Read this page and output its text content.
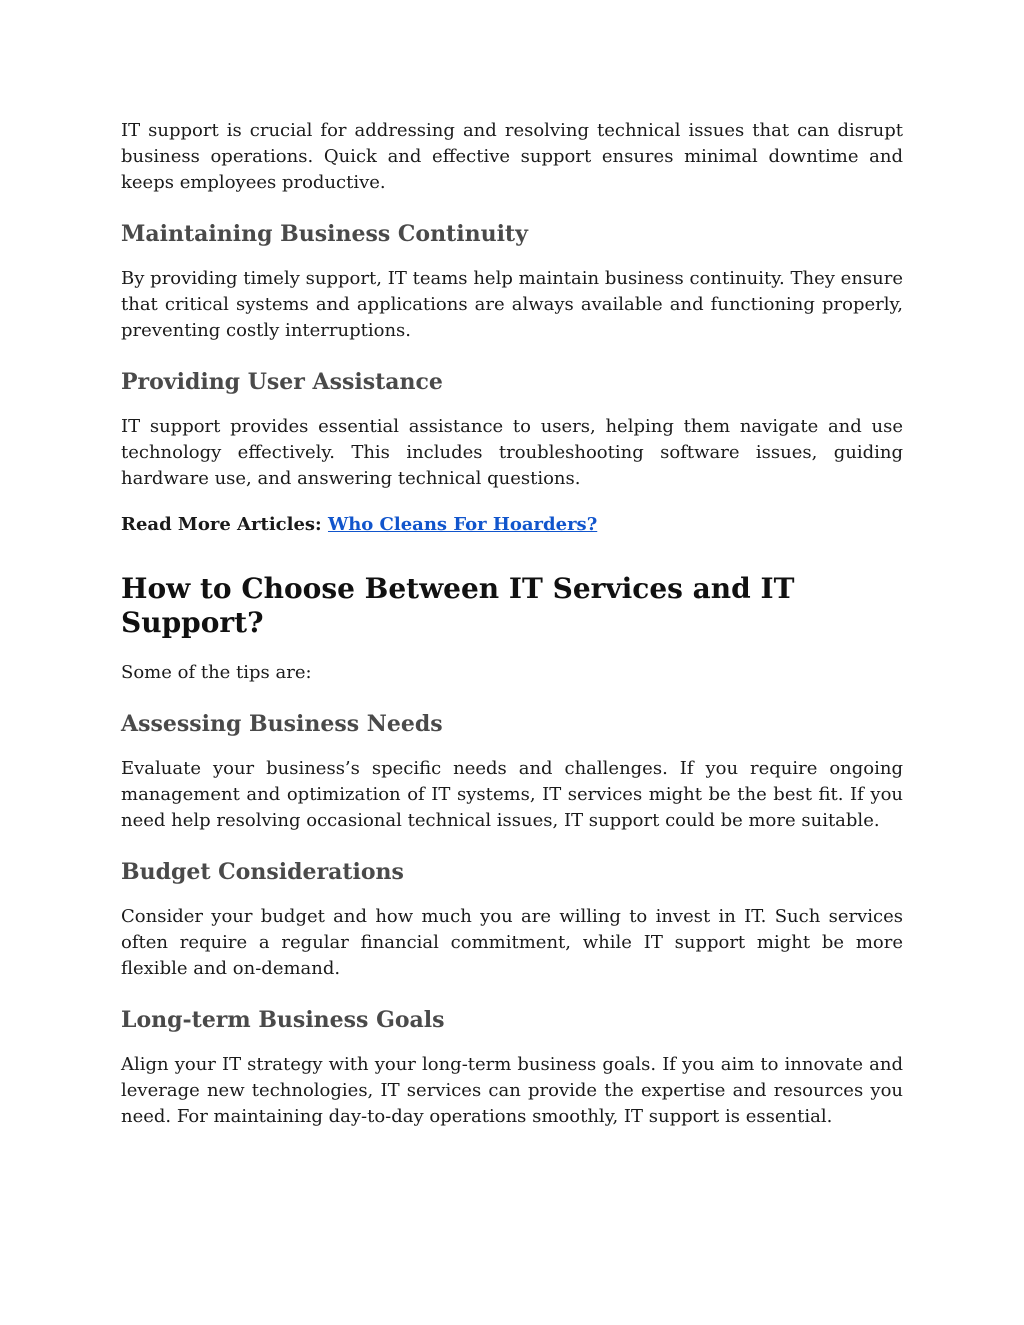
IT support is crucial for addressing and resolving technical issues that can disrupt business operations. Quick and effective support ensures minimal downtime and keeps employees productive.

Maintaining Business Continuity

By providing timely support, IT teams help maintain business continuity. They ensure that critical systems and applications are always available and functioning properly, preventing costly interruptions.

Providing User Assistance

IT support provides essential assistance to users, helping them navigate and use technology effectively. This includes troubleshooting software issues, guiding hardware use, and answering technical questions.

Read More Articles: Who Cleans For Hoarders?

How to Choose Between IT Services and IT Support?

Some of the tips are:

Assessing Business Needs

Evaluate your business’s specific needs and challenges. If you require ongoing management and optimization of IT systems, IT services might be the best fit. If you need help resolving occasional technical issues, IT support could be more suitable.

Budget Considerations

Consider your budget and how much you are willing to invest in IT. Such services often require a regular financial commitment, while IT support might be more flexible and on-demand.

Long-term Business Goals

Align your IT strategy with your long-term business goals. If you aim to innovate and leverage new technologies, IT services can provide the expertise and resources you need. For maintaining day-to-day operations smoothly, IT support is essential.
